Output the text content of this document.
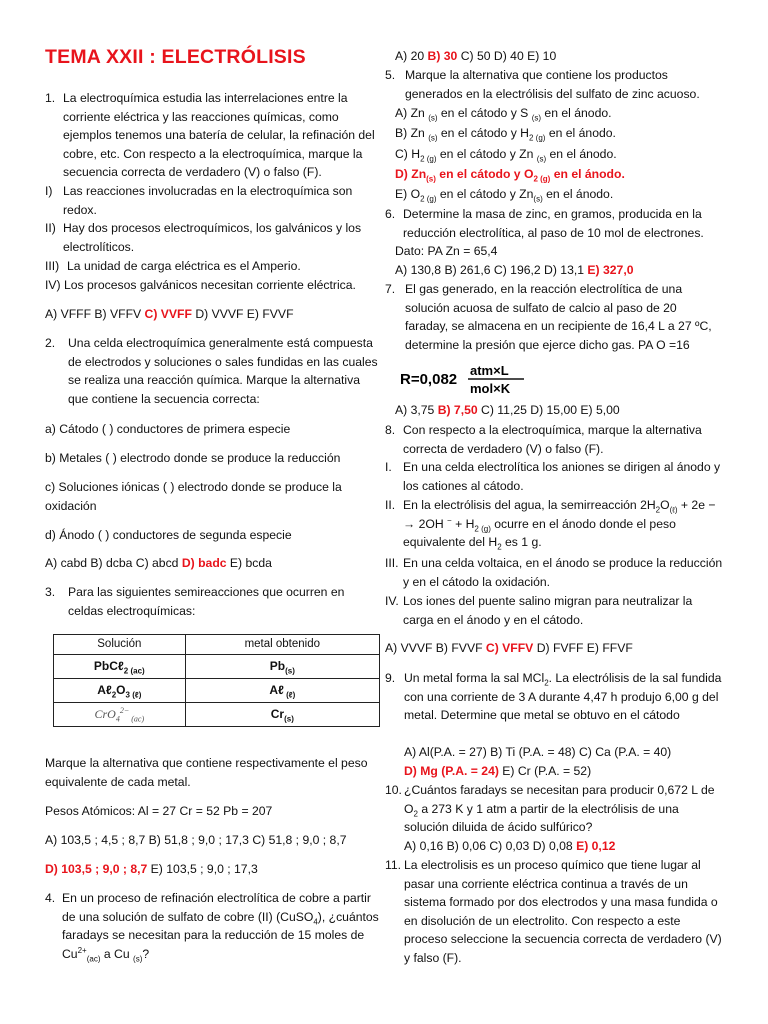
TEMA XXII : ELECTRÓLISIS
1. La electroquímica estudia las interrelaciones entre la corriente eléctrica y las reacciones químicas, como ejemplos tenemos una batería de celular, la refinación del cobre, etc. Con respecto a la electroquímica, marque la secuencia correcta de verdadero (V) o falso (F).
I) Las reacciones involucradas en la electroquímica son redox.
II) Hay dos procesos electroquímicos, los galvánicos y los electrolíticos.
III) La unidad de carga eléctrica es el Amperio.
IV) Los procesos galvánicos necesitan corriente eléctrica.
A) VFFF B) VFFV C) VVFF D) VVVF E) FVVF
2.	Una celda electroquímica generalmente está compuesta de electrodos y soluciones o sales fundidas en las cuales se realiza una reacción química. Marque la alternativa que contiene la secuencia correcta:
a) Cátodo ( ) conductores de primera especie
b) Metales ( ) electrodo donde se produce la reducción
c) Soluciones iónicas ( ) electrodo donde se produce la oxidación
d) Ánodo ( ) conductores de segunda especie
A) cabd B) dcba C) abcd D) badc E) bcda
3.	Para las siguientes semireacciones que ocurren en celdas electroquímicas:
Solución	metal obtenido
PbCℓ$_{2 (ac)}$	$Pb_{(s)}$
$A\ell_2O_3$ $_{(\ell)}$	Aℓ $_{(\ell)}$
CrO$_4^{2-}$ $_{(ac)}$	$Cr_{(s)}$
Marque la alternativa que contiene respectivamente el peso equivalente de cada metal.
Pesos Atómicos: Al = 27 Cr = 52 Pb = 207
A) 103,5 ; 4,5 ; 8,7 B) 51,8 ; 9,0 ; 17,3 C) 51,8 ; 9,0 ; 8,7
D) 103,5 ; 9,0 ; 8,7 E) 103,5 ; 9,0 ; 17,3
4. En un proceso de refinación electrolítica de cobre a partir de una solución de sulfato de cobre (II) (CuSO$_4$), ¿cuántos faradays se necesitan para la reducción de 15 moles de $Cu^{2+}_{(ac)}$ a Cu $_{(s)}$?
A) 20 B) 30 C) 50 D) 40 E) 10
5. Marque la alternativa que contiene los productos generados en la electrólisis del sulfato de zinc acuoso.
A) Zn $_{(s)}$ en el cátodo y S $_{(s)}$ en el ánodo.
B) Zn $_{(s)}$ en el cátodo y $H_{2 (g)}$ en el ánodo.
C) $H_{2 (g)}$ en el cátodo y Zn $_{(s)}$ en el ánodo.
D) $Zn_{(s)}$ en el cátodo y $O_{2 (g)}$ en el ánodo.
E) $O_{2 (g)}$ en el cátodo y $Zn_{(s)}$ en el ánodo.
6. Determine la masa de zinc, en gramos, producida en la reducción electrolítica, al paso de 10 mol de electrones.
Dato: PA Zn = 65,4
A) 130,8 B) 261,6 C) 196,2 D) 13,1 E) 327,0
7. El gas generado, en la reacción electrolítica de una solución acuosa de sulfato de calcio al paso de 20 faraday, se almacena en un recipiente de 16,4 L a 27 ºC, determine la presión que ejerce dicho gas. PA O =16
R=0,082
atm×L
mol×K
A) 3,75 B) 7,50 C) 11,25 D) 15,00 E) 5,00
8. Con respecto a la electroquímica, marque la alternativa correcta de verdadero (V) o falso (F).
I. En una celda electrolítica los aniones se dirigen al ánodo y los cationes al cátodo.
II. En la electrólisis del agua, la semirreacción $2H_2O_{(\ell)} + 2e$ − → 2OH $^- + H_{2 (g)}$ ocurre en el ánodo donde el peso equivalente del $H_2$ es 1 g.
III. En una celda voltaica, en el ánodo se produce la reducción y en el cátodo la oxidación.
IV. Los iones del puente salino migran para neutralizar la carga en el ánodo y en el cátodo.
A) VVVF B) FVVF C) VFFV D) FVFF E) FFVF
9. Un metal forma la sal MCl$_2$. La electrólisis de la sal fundida con una corriente de 3 A durante 4,47 h produjo 6,00 g del metal. Determine que metal se obtuvo en el cátodo
A) Al(P.A. = 27) B) Ti (P.A. = 48) C) Ca (P.A. = 40)
D) Mg (P.A. = 24) E) Cr (P.A. = 52)
10. ¿Cuántos faradays se necesitan para producir 0,672 L de $O_2$ a 273 K y 1 atm a partir de la electrólisis de una solución diluida de ácido sulfúrico?
A) 0,16 B) 0,06 C) 0,03 D) 0,08 E) 0,12
11. La electrolisis es un proceso químico que tiene lugar al pasar una corriente eléctrica continua a través de un sistema formado por dos electrodos y una masa fundida o en disolución de un electrolito. Con respecto a este proceso seleccione la secuencia correcta de verdadero (V) y falso (F).
